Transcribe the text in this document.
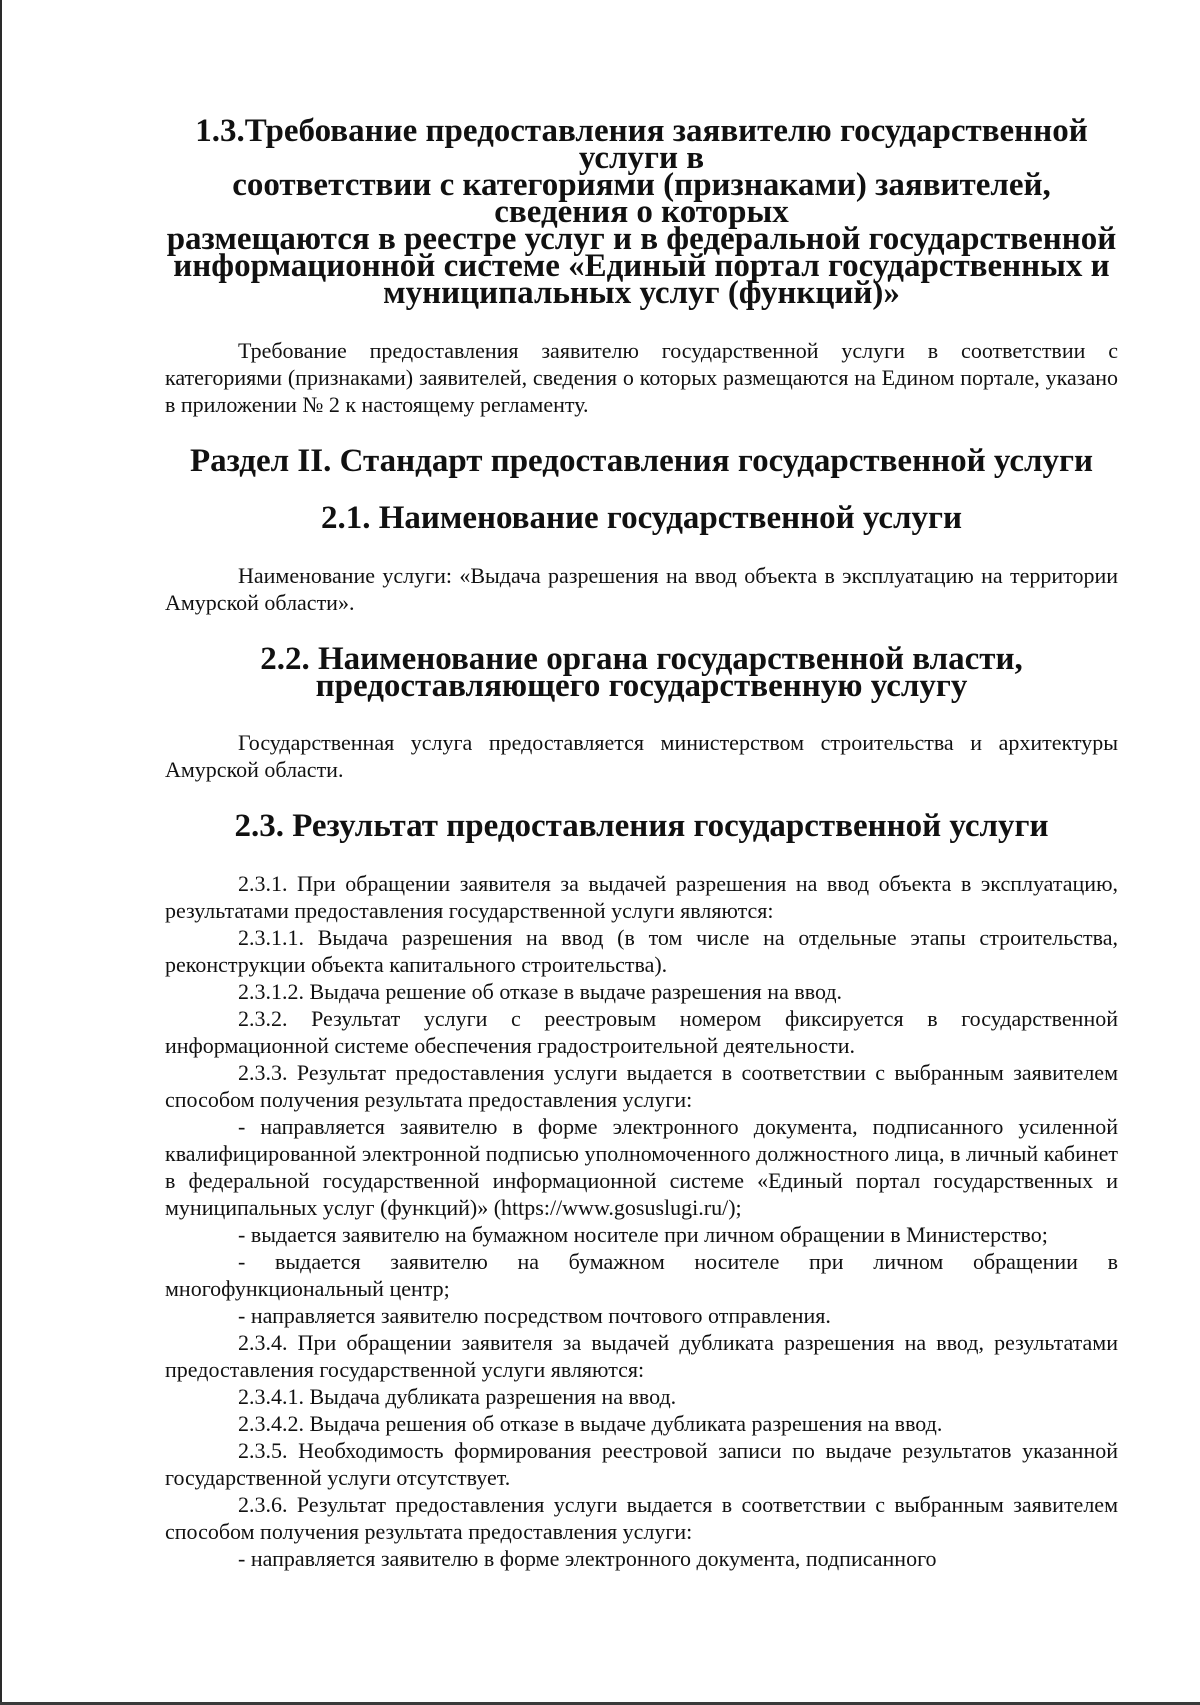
1.3.Требование предоставления заявителю государственной услуги в
соответствии с категориями (признаками) заявителей, сведения о которых
размещаются в реестре услуг и в федеральной государственной
информационной системе «Единый портал государственных и
муниципальных услуг (функций)»

Требование предоставления заявителю государственной услуги в соответствии с категориями (признаками) заявителей, сведения о которых размещаются на Едином портале, указано в приложении № 2 к настоящему регламенту.

Раздел II. Стандарт предоставления государственной услуги
2.1. Наименование государственной услуги

Наименование услуги: «Выдача разрешения на ввод объекта в эксплуатацию на территории Амурской области».

2.2. Наименование органа государственной власти,
предоставляющего государственную услугу

Государственная услуга предоставляется министерством строительства и архитектуры Амурской области.

2.3. Результат предоставления государственной услуги

2.3.1. При обращении заявителя за выдачей разрешения на ввод объекта в эксплуатацию, результатами предоставления государственной услуги являются:

2.3.1.1. Выдача разрешения на ввод (в том числе на отдельные этапы строительства, реконструкции объекта капитального строительства).

2.3.1.2. Выдача решение об отказе в выдаче разрешения на ввод.

2.3.2. Результат услуги с реестровым номером фиксируется в государственной информационной системе обеспечения градостроительной деятельности.

2.3.3. Результат предоставления услуги выдается в соответствии с выбранным заявителем способом получения результата предоставления услуги:

- направляется заявителю в форме электронного документа, подписанного усиленной квалифицированной электронной подписью уполномоченного должностного лица, в личный кабинет в федеральной государственной информационной системе «Единый портал государственных и муниципальных услуг (функций)» (https://www.gosuslugi.ru/);

- выдается заявителю на бумажном носителе при личном обращении в Министерство;

- выдается заявителю на бумажном носителе при личном обращении в многофункциональный центр;

- направляется заявителю посредством почтового отправления.

2.3.4. При обращении заявителя за выдачей дубликата разрешения на ввод, результатами предоставления государственной услуги являются:

2.3.4.1. Выдача дубликата разрешения на ввод.

2.3.4.2. Выдача решения об отказе в выдаче дубликата разрешения на ввод.

2.3.5. Необходимость формирования реестровой записи по выдаче результатов указанной государственной услуги отсутствует.

2.3.6. Результат предоставления услуги выдается в соответствии с выбранным заявителем способом получения результата предоставления услуги:

- направляется заявителю в форме электронного документа, подписанного
